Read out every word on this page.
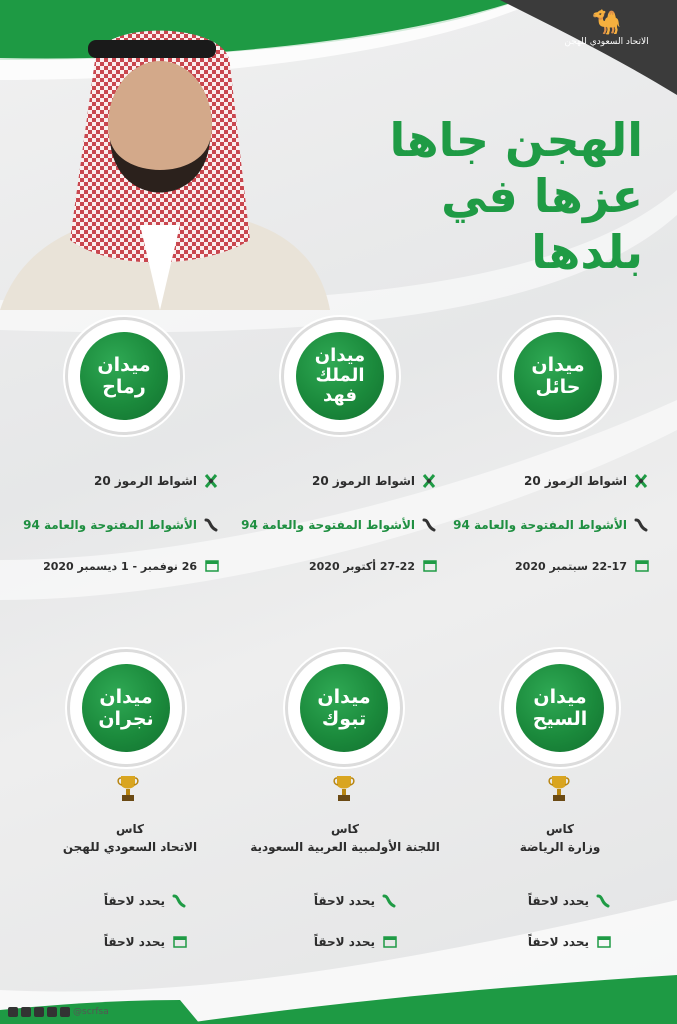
🐪
الاتحاد السعودي للهجن
الهجن جاها
عزها في بلدها
ميدان
حائل
ميدان
الملك فهد
ميدان
رماح
اشواط الرموز 20
الأشواط المفتوحة والعامة 94
22-17 سبتمبر 2020
اشواط الرموز 20
الأشواط المفتوحة والعامة 94
27-22 أكتوبر 2020
اشواط الرموز 20
الأشواط المفتوحة والعامة 94
26 نوفمبر - 1 ديسمبر 2020
ميدان
السيح
ميدان
تبوك
ميدان
نجران
كاس
وزارة الرياضة
كاس
اللجنة الأولمبية العربية السعودية
كاس
الاتحاد السعودي للهجن
يحدد لاحقاً
يحدد لاحقاً
يحدد لاحقاً
يحدد لاحقاً
يحدد لاحقاً
يحدد لاحقاً
@scrfsa
